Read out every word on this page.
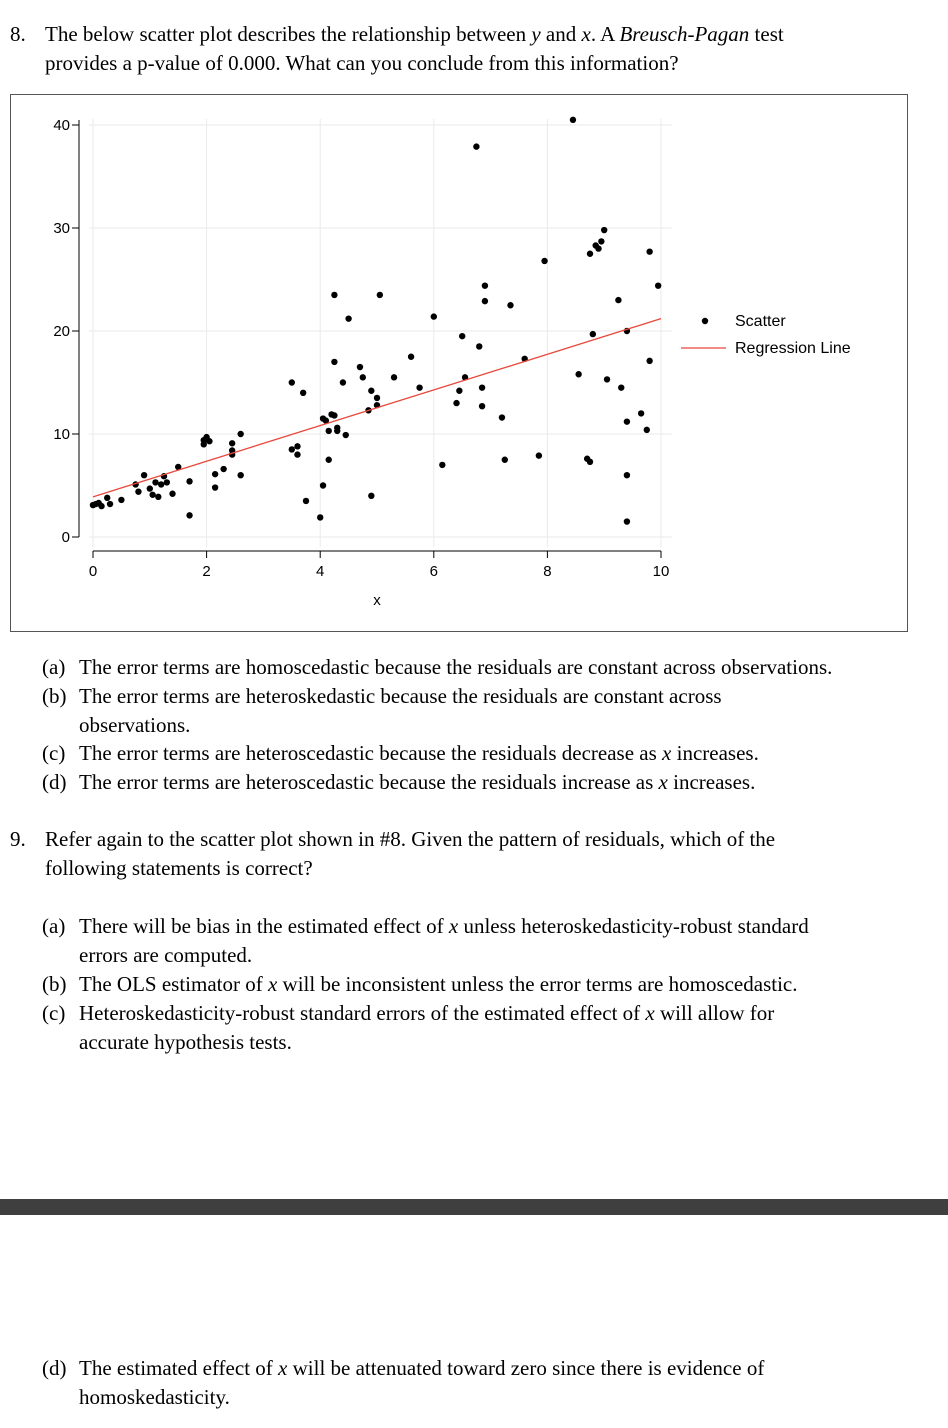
8. The below scatter plot describes the relationship between y and x. A Breusch-Pagan test
provides a p-value of 0.000. What can you conclude from this information?
0
10
20
30
40
0	2	4	6	8	10
x
Scatter
Regression Line
(a) The error terms are homoscedastic because the residuals are constant across observations.
(b) The error terms are heteroskedastic because the residuals are constant across
observations.
(c) The error terms are heteroscedastic because the residuals decrease as x increases.
(d) The error terms are heteroscedastic because the residuals increase as x increases.
9. Refer again to the scatter plot shown in #8. Given the pattern of residuals, which of the
following statements is correct?
(a) There will be bias in the estimated effect of x unless heteroskedasticity-robust standard
errors are computed.
(b) The OLS estimator of x will be inconsistent unless the error terms are homoscedastic.
(c) Heteroskedasticity-robust standard errors of the estimated effect of x will allow for
accurate hypothesis tests.
(d) The estimated effect of x will be attenuated toward zero since there is evidence of
homoskedasticity.
